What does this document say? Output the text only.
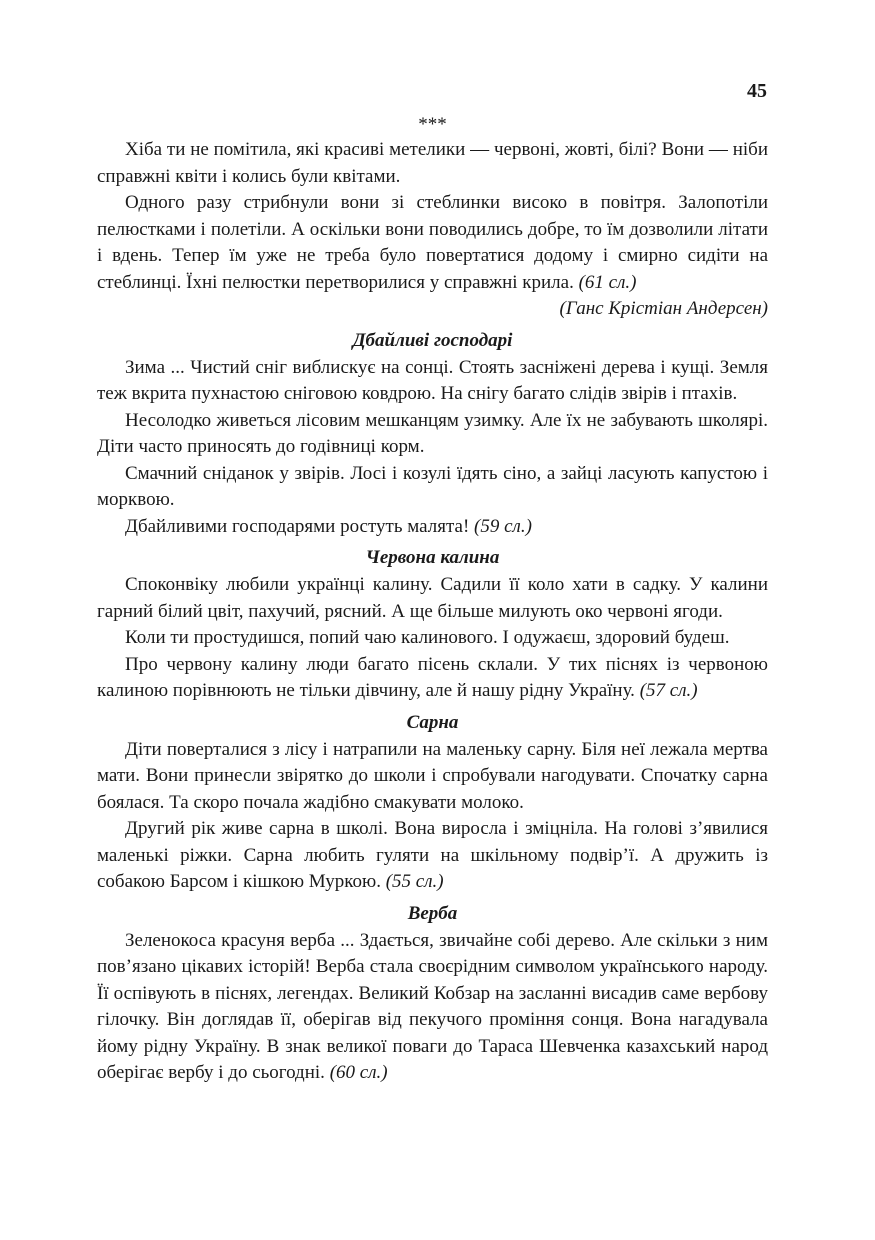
45
***

Хіба ти не помітила, які красиві метелики — червоні, жовті, білі? Вони — ніби справжні квіти і колись були квітами.

Одного разу стрибнули вони зі стеблинки високо в повітря. Залопотіли пелюстками і полетіли. А оскільки вони поводились добре, то їм дозволили літати і вдень. Тепер їм уже не треба було повертатися додому і смирно сидіти на стеблинці. Їхні пелюстки перетворилися у справжні крила. (61 сл.)

(Ганс Крістіан Андерсен)

Дбайливі господарі

Зима ... Чистий сніг виблискує на сонці. Стоять засніжені дерева і кущі. Земля теж вкрита пухнастою сніговою ковдрою. На снігу багато слідів звірів і птахів.

Несолодко живеться лісовим мешканцям узимку. Але їх не забувають школярі. Діти часто приносять до годівниці корм.

Смачний сніданок у звірів. Лосі і козулі їдять сіно, а зайці ласують капустою і морквою.

Дбайливими господарями ростуть малята! (59 сл.)

Червона калина

Споконвіку любили українці калину. Садили її коло хати в садку. У калини гарний білий цвіт, пахучий, рясний. А ще більше милують око червоні ягоди.

Коли ти простудишся, попий чаю калинового. І одужаєш, здоровий будеш.

Про червону калину люди багато пісень склали. У тих піснях із червоною калиною порівнюють не тільки дівчину, але й нашу рідну Україну. (57 сл.)

Сарна

Діти поверталися з лісу і натрапили на маленьку сарну. Біля неї лежала мертва мати. Вони принесли звірятко до школи і спробували нагодувати. Спочатку сарна боялася. Та скоро почала жадібно смакувати молоко.

Другий рік живе сарна в школі. Вона виросла і зміцніла. На голові з’явилися маленькі ріжки. Сарна любить гуляти на шкільному подвір’ї. А дружить із собакою Барсом і кішкою Муркою. (55 сл.)

Верба

Зеленокоса красуня верба ... Здається, звичайне собі дерево. Але скільки з ним пов’язано цікавих історій! Верба стала своєрідним символом українського народу. Її оспівують в піснях, легендах. Великий Кобзар на засланні висадив саме вербову гілочку. Він доглядав її, оберігав від пекучого проміння сонця. Вона нагадувала йому рідну Україну. В знак великої поваги до Тараса Шевченка казахський народ оберігає вербу і до сьогодні. (60 сл.)
